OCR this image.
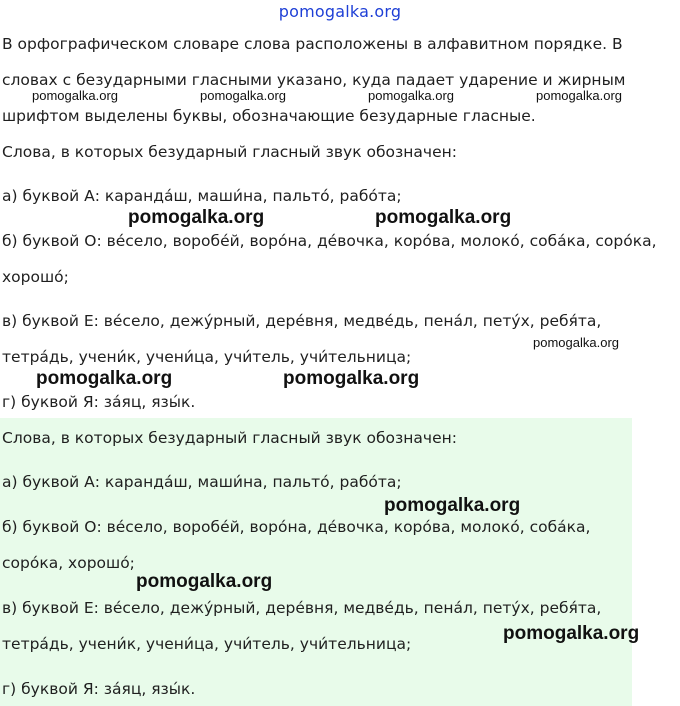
pomogalka.org
В орфографическом словаре слова расположены в алфавитном порядке. В
словах с безударными гласными указано, куда падает ударение и жирным
шрифтом выделены буквы, обозначающие безударные гласные.
Слова, в которых безударный гласный звук обозначен:
а) буквой А: каранда́ш, маши́на, пальто́, рабо́та;
б) буквой О: ве́село, воробе́й, воро́на, де́вочка, коро́ва, молоко́, соба́ка, соро́ка,
хорошо́;
в) буквой Е: ве́село, дежу́рный, дере́вня, медве́дь, пена́л, пету́х, ребя́та,
тетра́дь, учени́к, учени́ца, учи́тель, учи́тельница;
г) буквой Я: за́яц, язы́к.
Слова, в которых безударный гласный звук обозначен:
а) буквой А: каранда́ш, маши́на, пальто́, рабо́та;
б) буквой О: ве́село, воробе́й, воро́на, де́вочка, коро́ва, молоко́, соба́ка,
соро́ка, хорошо́;
в) буквой Е: ве́село, дежу́рный, дере́вня, медве́дь, пена́л, пету́х, ребя́та,
тетра́дь, учени́к, учени́ца, учи́тель, учи́тельница;
г) буквой Я: за́яц, язы́к.
pomogalka.org	pomogalka.org	pomogalka.org	pomogalka.org
pomogalka.org
pomogalka.org	pomogalka.org
pomogalka.org	pomogalka.org
pomogalka.org
pomogalka.org
pomogalka.org
